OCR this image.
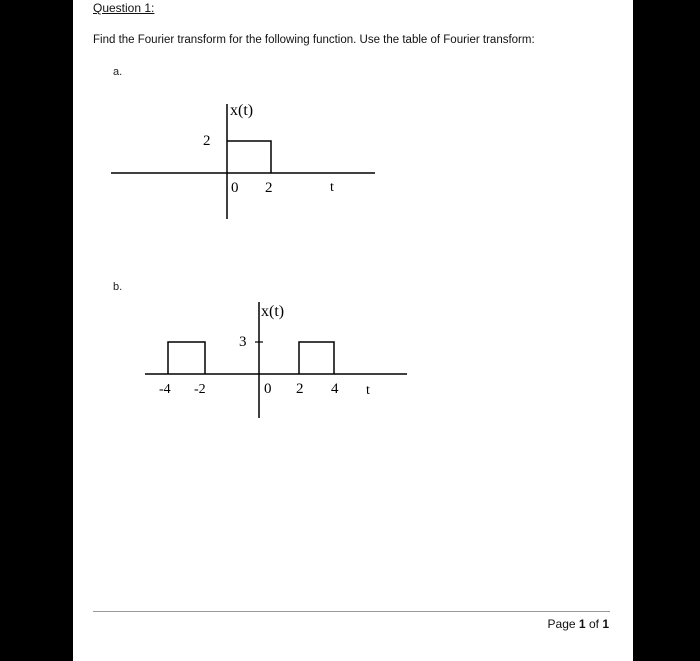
Question 1:
Find the Fourier transform for the following function. Use the table of Fourier transform:
a.
x(t)
2
0 2	t
b.
x(t)
3
-4 -2	0 2 4 t
Page 1 of 1
